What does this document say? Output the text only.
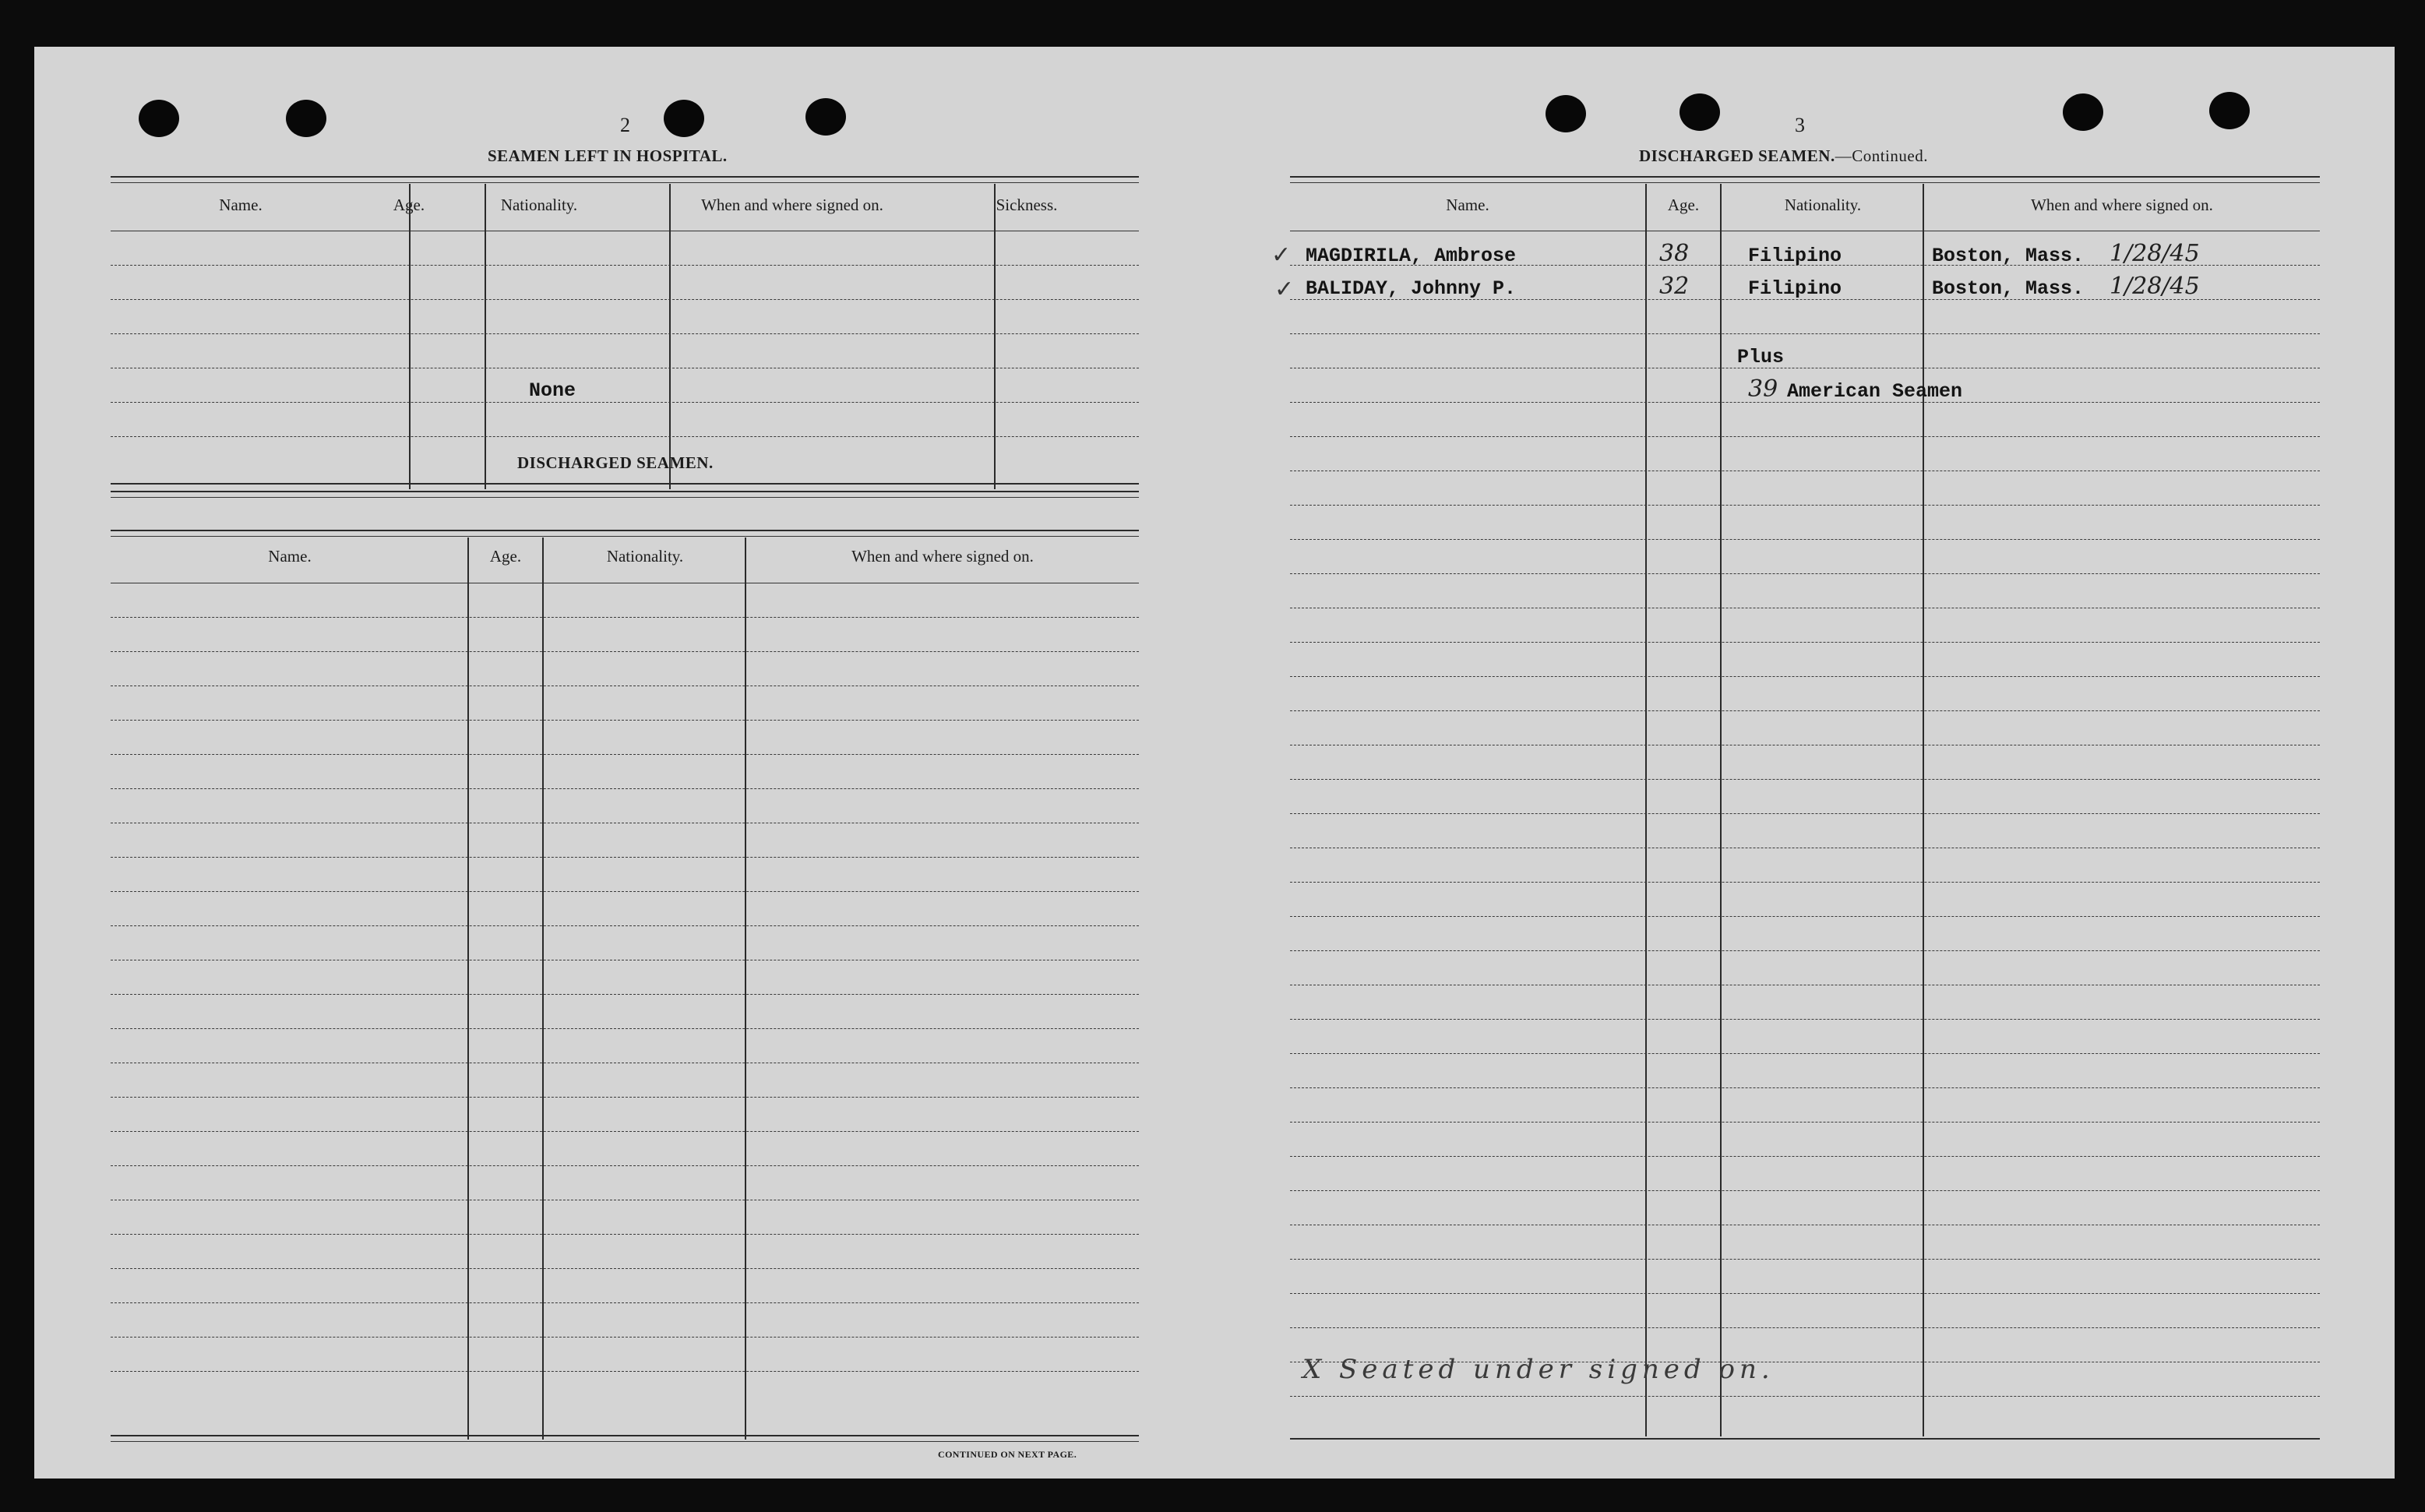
2
SEAMEN LEFT IN HOSPITAL.
Name.	Age.	Nationality.	When and where signed on.	Sickness.
None
DISCHARGED SEAMEN.
Name.	Age.	Nationality.	When and where signed on.
CONTINUED ON NEXT PAGE.
3
DISCHARGED SEAMEN.—Continued.
Name.	Age.	Nationality.	When and where signed on.
✓
✓
MAGDIRILA, Ambrose	38	Filipino	Boston, Mass. 1/28/45
BALIDAY, Johnny P.	32	Filipino	Boston, Mass. 1/28/45
Plus
39 American Seamen
X Seated under signed on.
